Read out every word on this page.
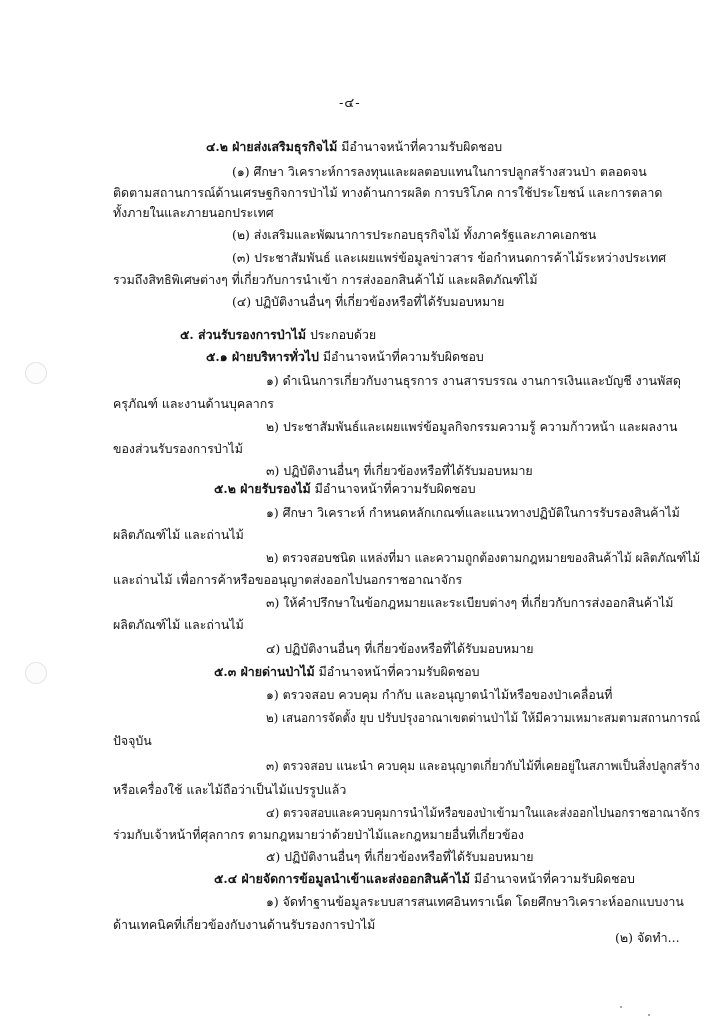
-๔-
๔.๒ ฝ่ายส่งเสริมธุรกิจไม้ มีอำนาจหน้าที่ความรับผิดชอบ
(๑) ศึกษา วิเคราะห์การลงทุนและผลตอบแทนในการปลูกสร้างสวนป่า ตลอดจน
ติดตามสถานการณ์ด้านเศรษฐกิจการป่าไม้ ทางด้านการผลิต การบริโภค การใช้ประโยชน์ และการตลาด
ทั้งภายในและภายนอกประเทศ
(๒) ส่งเสริมและพัฒนาการประกอบธุรกิจไม้ ทั้งภาครัฐและภาคเอกชน
(๓) ประชาสัมพันธ์ และเผยแพร่ข้อมูลข่าวสาร ข้อกำหนดการค้าไม้ระหว่างประเทศ
รวมถึงสิทธิพิเศษต่างๆ ที่เกี่ยวกับการนำเข้า การส่งออกสินค้าไม้ และผลิตภัณฑ์ไม้
(๔) ปฏิบัติงานอื่นๆ ที่เกี่ยวข้องหรือที่ได้รับมอบหมาย
๕. ส่วนรับรองการป่าไม้ ประกอบด้วย
๕.๑ ฝ่ายบริหารทั่วไป มีอำนาจหน้าที่ความรับผิดชอบ
๑) ดำเนินการเกี่ยวกับงานธุรการ งานสารบรรณ งานการเงินและบัญชี งานพัสดุ
ครุภัณฑ์ และงานด้านบุคลากร
๒) ประชาสัมพันธ์และเผยแพร่ข้อมูลกิจกรรมความรู้ ความก้าวหน้า และผลงาน
ของส่วนรับรองการป่าไม้
๓) ปฏิบัติงานอื่นๆ ที่เกี่ยวข้องหรือที่ได้รับมอบหมาย
๕.๒ ฝ่ายรับรองไม้ มีอำนาจหน้าที่ความรับผิดชอบ
๑) ศึกษา วิเคราะห์ กำหนดหลักเกณฑ์และแนวทางปฏิบัติในการรับรองสินค้าไม้
ผลิตภัณฑ์ไม้ และถ่านไม้
๒) ตรวจสอบชนิด แหล่งที่มา และความถูกต้องตามกฎหมายของสินค้าไม้ ผลิตภัณฑ์ไม้
และถ่านไม้ เพื่อการค้าหรือขออนุญาตส่งออกไปนอกราชอาณาจักร
๓) ให้คำปรึกษาในข้อกฎหมายและระเบียบต่างๆ ที่เกี่ยวกับการส่งออกสินค้าไม้
ผลิตภัณฑ์ไม้ และถ่านไม้
๔) ปฏิบัติงานอื่นๆ ที่เกี่ยวข้องหรือที่ได้รับมอบหมาย
๕.๓ ฝ่ายด่านป่าไม้ มีอำนาจหน้าที่ความรับผิดชอบ
๑) ตรวจสอบ ควบคุม กำกับ และอนุญาตนำไม้หรือของป่าเคลื่อนที่
๒) เสนอการจัดตั้ง ยุบ ปรับปรุงอาณาเขตด่านป่าไม้ ให้มีความเหมาะสมตามสถานการณ์
ปัจจุบัน
๓) ตรวจสอบ แนะนำ ควบคุม และอนุญาตเกี่ยวกับไม้ที่เคยอยู่ในสภาพเป็นสิ่งปลูกสร้าง
หรือเครื่องใช้ และไม้ถือว่าเป็นไม้แปรรูปแล้ว
๔) ตรวจสอบและควบคุมการนำไม้หรือของป่าเข้ามาในและส่งออกไปนอกราชอาณาจักร
ร่วมกับเจ้าหน้าที่ศุลกากร ตามกฎหมายว่าด้วยป่าไม้และกฎหมายอื่นที่เกี่ยวข้อง
๕) ปฏิบัติงานอื่นๆ ที่เกี่ยวข้องหรือที่ได้รับมอบหมาย
๕.๔ ฝ่ายจัดการข้อมูลนำเข้าและส่งออกสินค้าไม้ มีอำนาจหน้าที่ความรับผิดชอบ
๑) จัดทำฐานข้อมูลระบบสารสนเทศอินทราเน็ต โดยศึกษาวิเคราะห์ออกแบบงาน
ด้านเทคนิคที่เกี่ยวข้องกับงานด้านรับรองการป่าไม้
(๒) จัดทำ...
